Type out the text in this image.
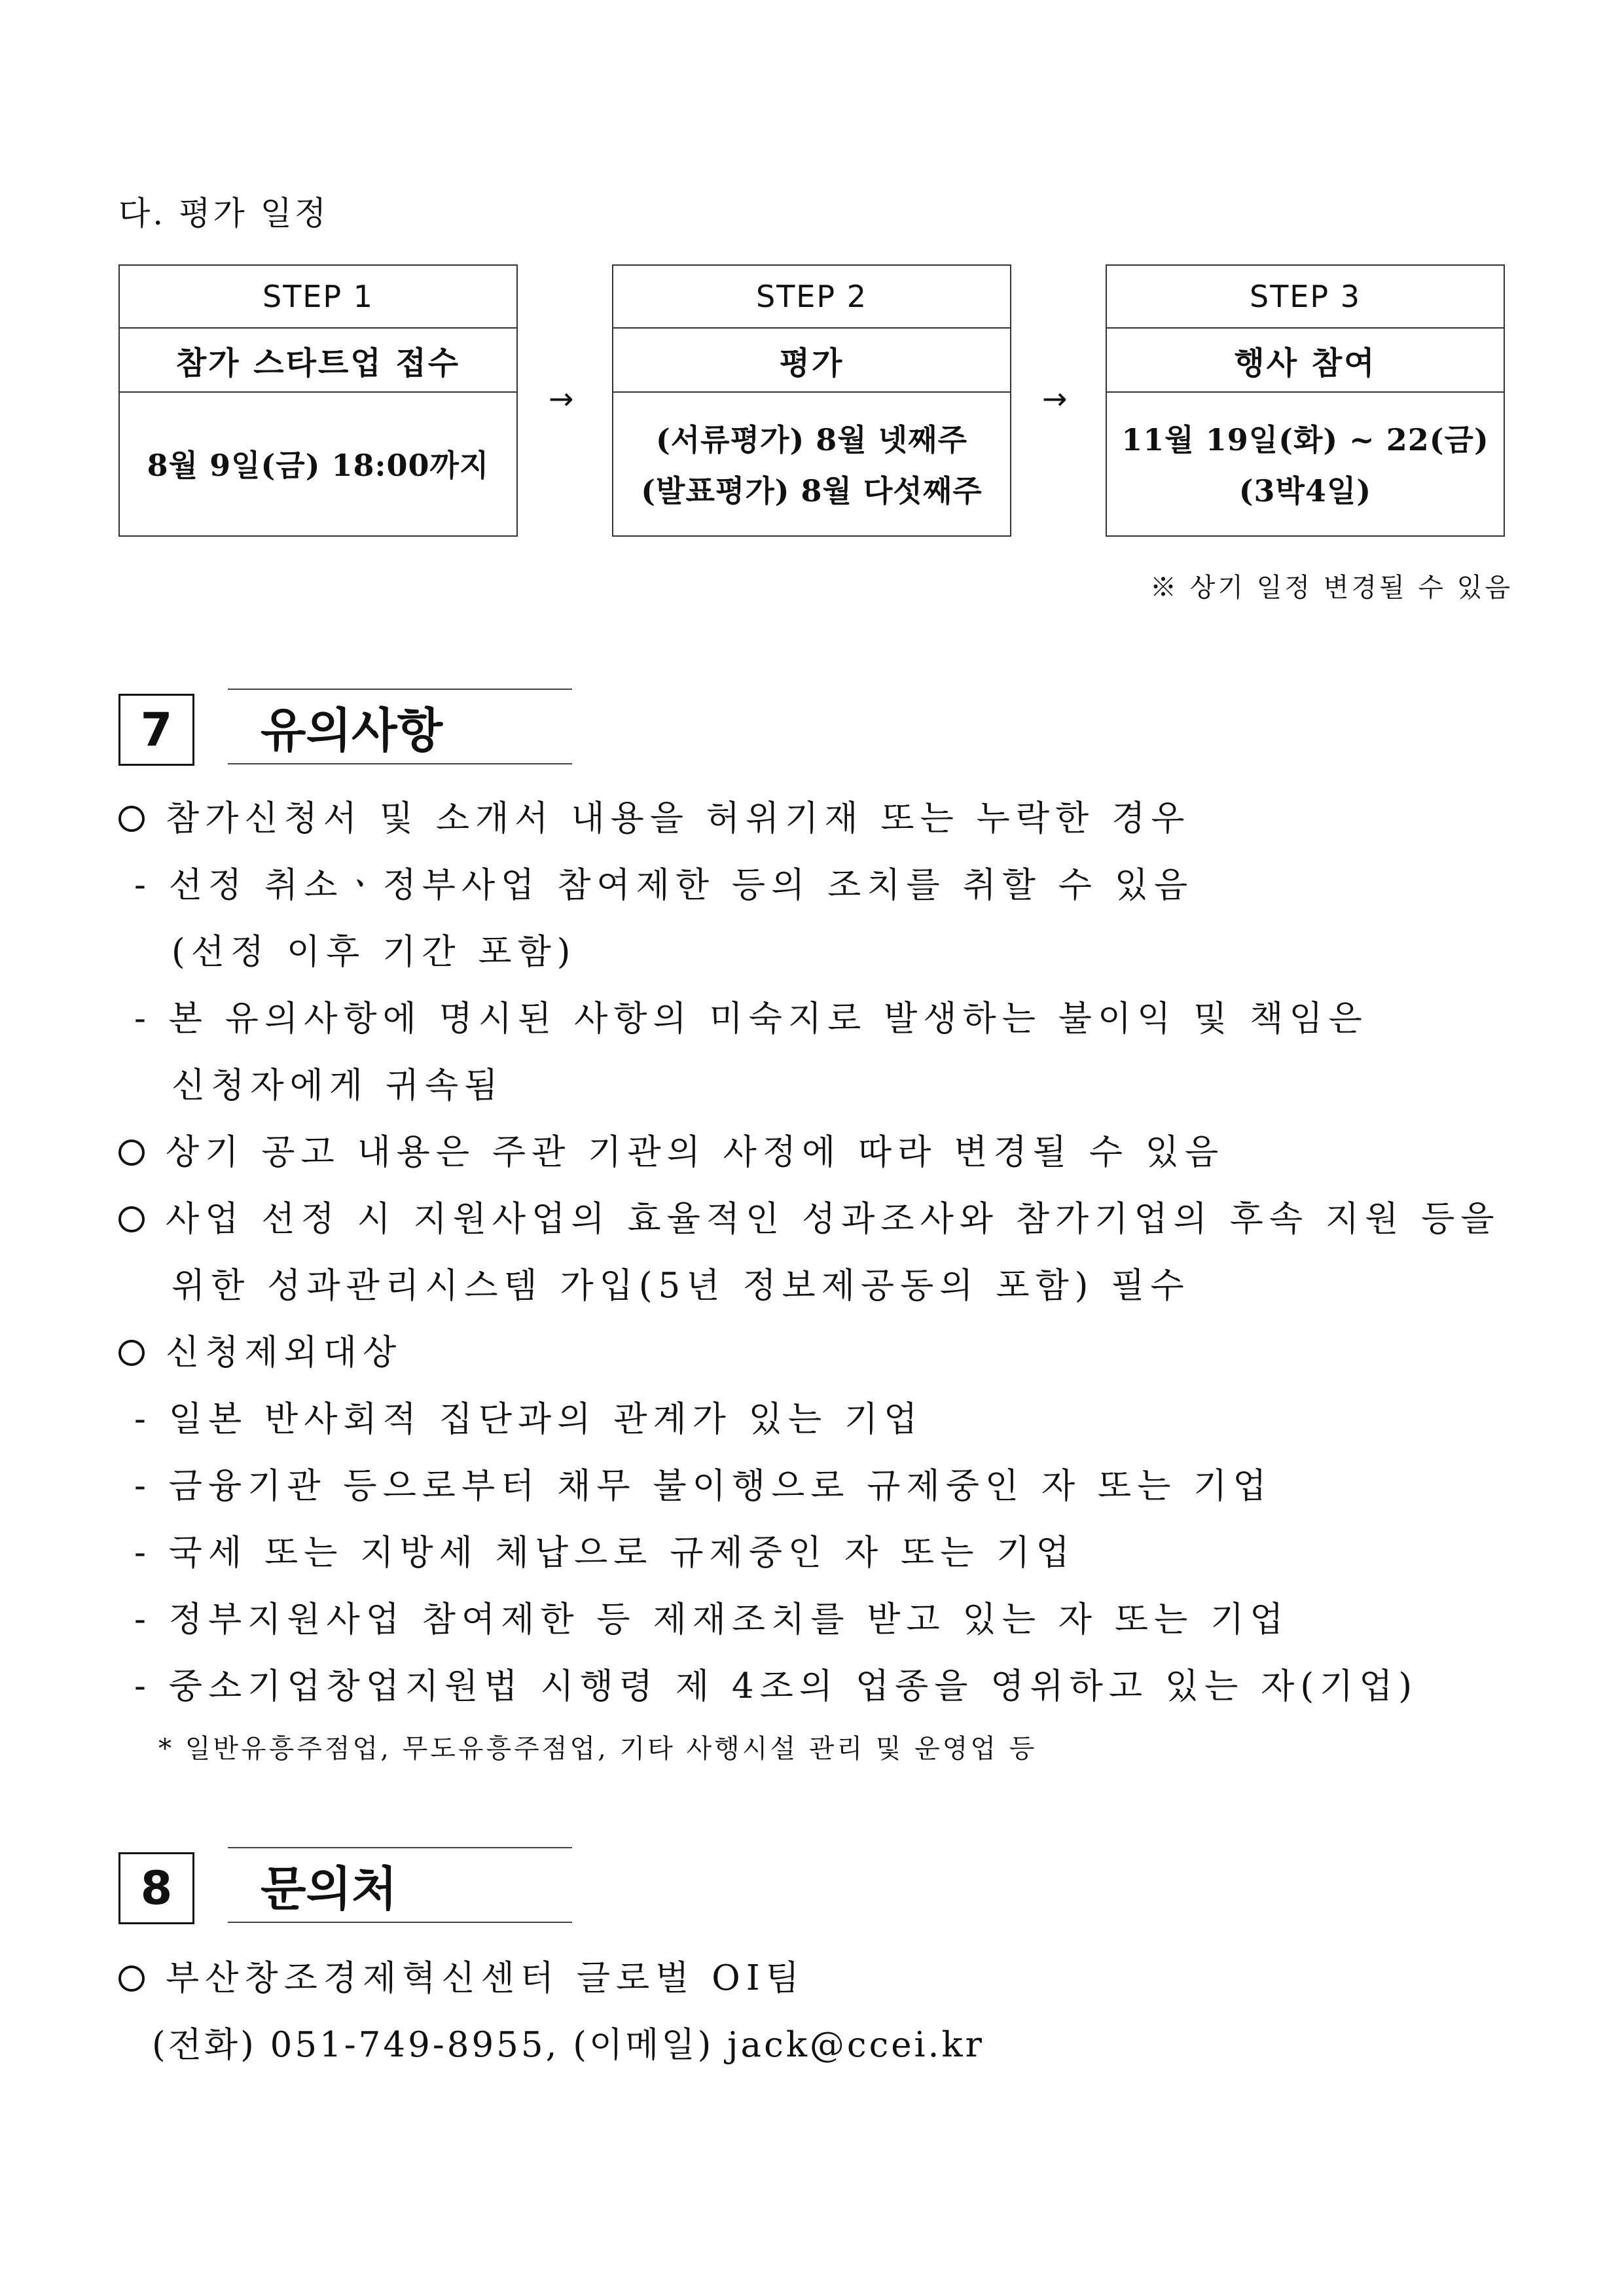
다. 평가 일정
STEP 1
참가 스타트업 접수
8월 9일(금) 18:00까지
→
STEP 2
평가
(서류평가) 8월 넷째주
(발표평가) 8월 다섯째주
→
STEP 3
행사 참여
11월 19일(화) ~ 22(금)
(3박4일)
※ 상기 일정 변경될 수 있음
7	유의사항
참가신청서 및 소개서 내용을 허위기재 또는 누락한 경우
- 선정 취소ㆍ정부사업 참여제한 등의 조치를 취할 수 있음
(선정 이후 기간 포함)
- 본 유의사항에 명시된 사항의 미숙지로 발생하는 불이익 및 책임은
신청자에게 귀속됨
상기 공고 내용은 주관 기관의 사정에 따라 변경될 수 있음
사업 선정 시 지원사업의 효율적인 성과조사와 참가기업의 후속 지원 등을
위한 성과관리시스템 가입(5년 정보제공동의 포함) 필수
신청제외대상
- 일본 반사회적 집단과의 관계가 있는 기업
- 금융기관 등으로부터 채무 불이행으로 규제중인 자 또는 기업
- 국세 또는 지방세 체납으로 규제중인 자 또는 기업
- 정부지원사업 참여제한 등 제재조치를 받고 있는 자 또는 기업
- 중소기업창업지원법 시행령 제 4조의 업종을 영위하고 있는 자(기업)
* 일반유흥주점업, 무도유흥주점업, 기타 사행시설 관리 및 운영업 등
8	문의처
부산창조경제혁신센터 글로벌 OI팀
(전화) 051-749-8955, (이메일) jack@ccei.kr
